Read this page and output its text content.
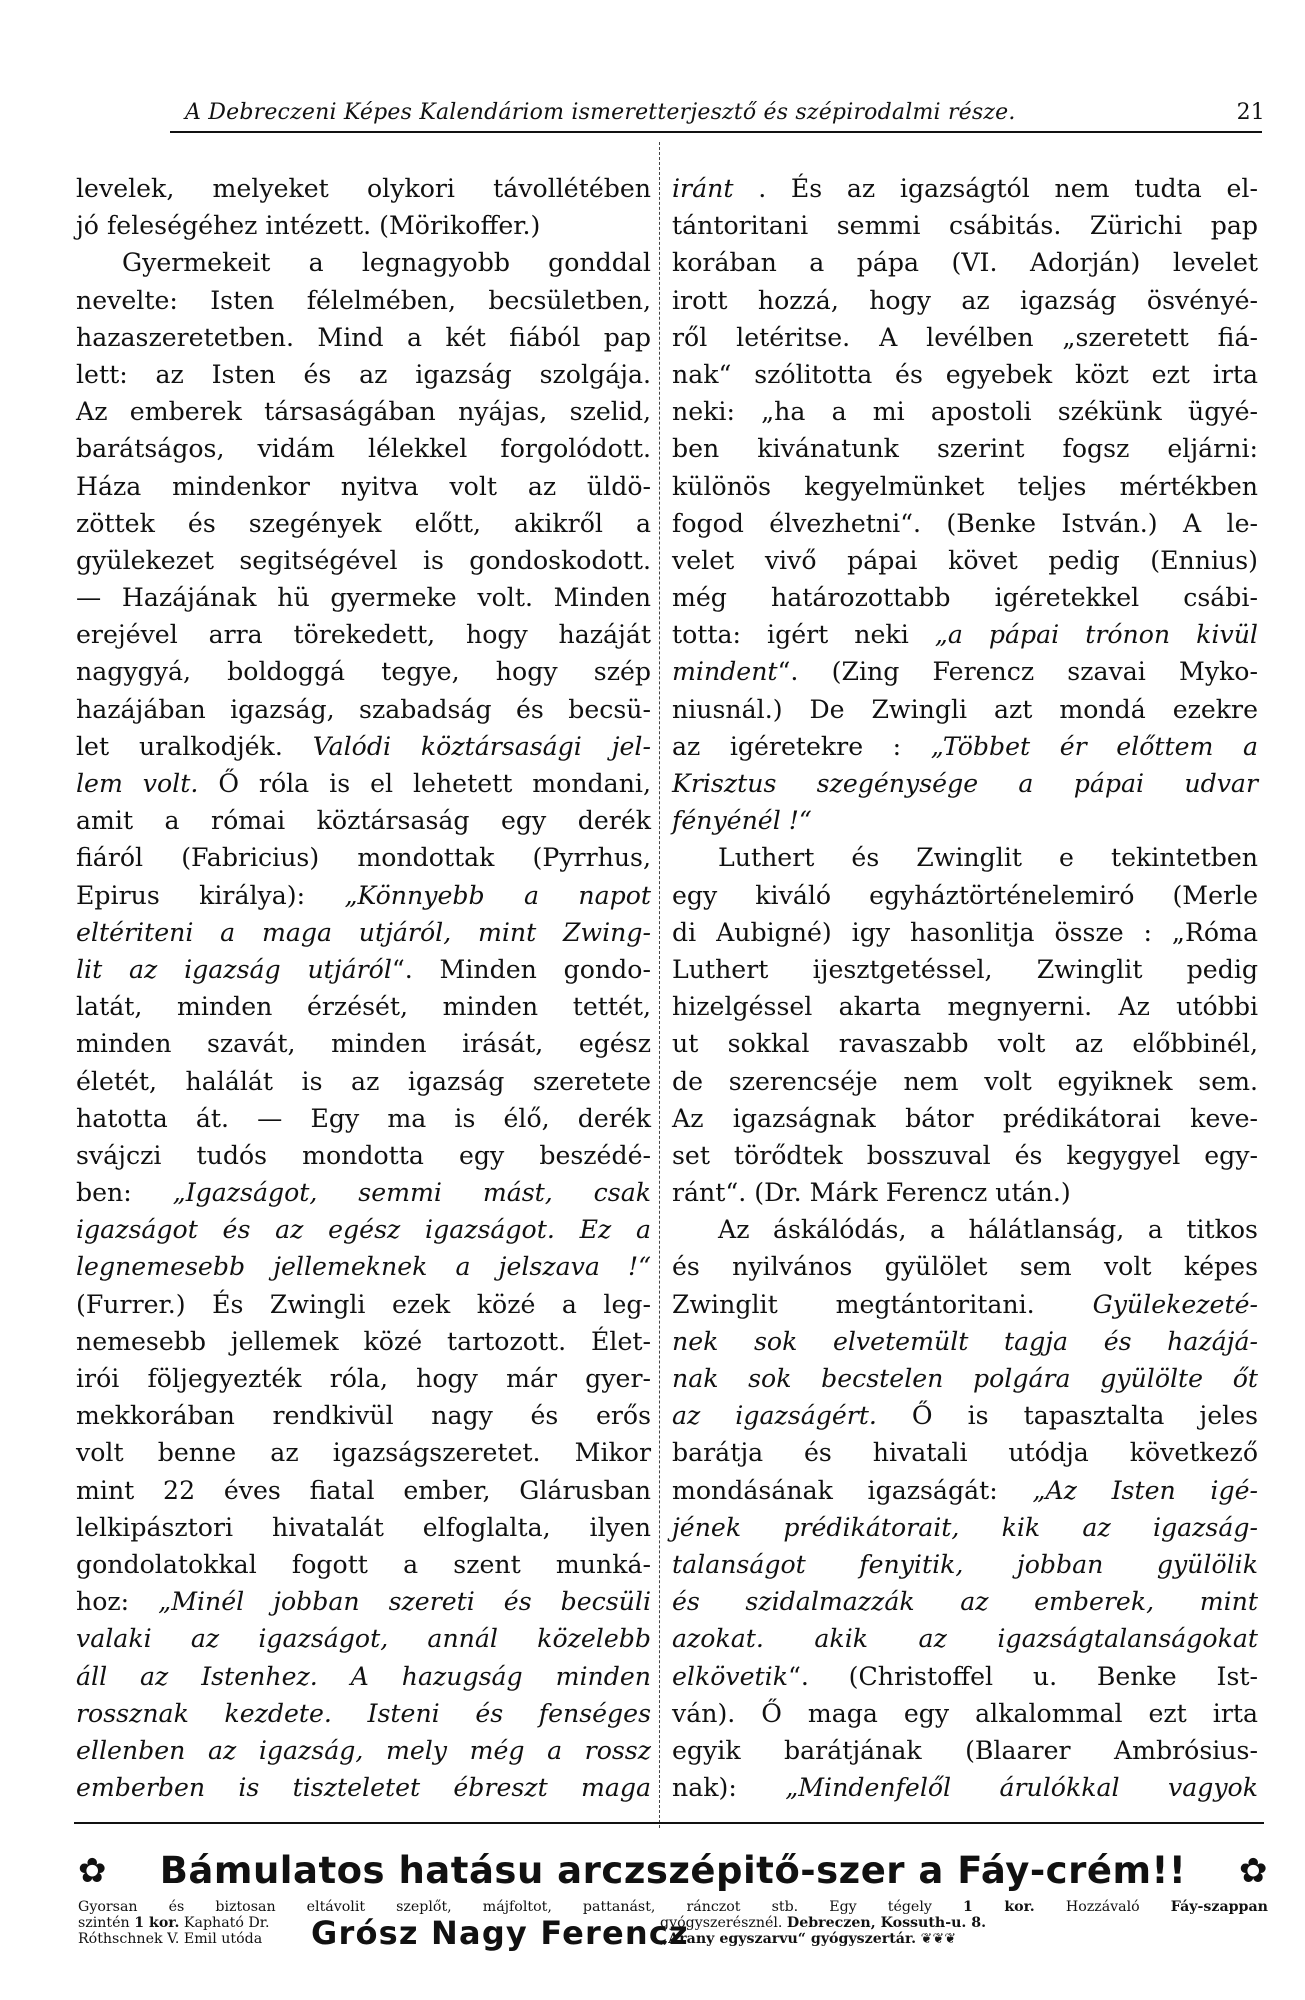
A Debreczeni Képes Kalendáriom ismeretterjesztő és szépirodalmi része.	21
levelek, melyeket olykori távollétében
jó feleségéhez intézett. (Mörikoffer.)
Gyermekeit a legnagyobb gonddal
nevelte: Isten félelmében, becsületben,
hazaszeretetben. Mind a két fiából pap
lett: az Isten és az igazság szolgája.
Az emberek társaságában nyájas, szelid,
barátságos, vidám lélekkel forgolódott.
Háza mindenkor nyitva volt az üldö-
zöttek és szegények előtt, akikről a
gyülekezet segitségével is gondoskodott.
— Hazájának hü gyermeke volt. Minden
erejével arra törekedett, hogy hazáját
nagygyá, boldoggá tegye, hogy szép
hazájában igazság, szabadság és becsü-
let uralkodjék. Valódi köztársasági jel-
lem volt. Ő róla is el lehetett mondani,
amit a római köztársaság egy derék
fiáról (Fabricius) mondottak (Pyrrhus,
Epirus királya): „Könnyebb a napot
eltériteni a maga utjáról, mint Zwing-
lit az igazság utjáról“. Minden gondo-
latát, minden érzését, minden tettét,
minden szavát, minden irását, egész
életét, halálát is az igazság szeretete
hatotta át. — Egy ma is élő, derék
svájczi tudós mondotta egy beszédé-
ben: „Igazságot, semmi mást, csak
igazságot és az egész igazságot. Ez a
legnemesebb jellemeknek a jelszava !“
(Furrer.) És Zwingli ezek közé a leg-
nemesebb jellemek közé tartozott. Élet-
irói följegyezték róla, hogy már gyer-
mekkorában rendkivül nagy és erős
volt benne az igazságszeretet. Mikor
mint 22 éves fiatal ember, Glárusban
lelkipásztori hivatalát elfoglalta, ilyen
gondolatokkal fogott a szent munká-
hoz: „Minél jobban szereti és becsüli
valaki az igazságot, annál közelebb
áll az Istenhez. A hazugság minden
rossznak kezdete. Isteni és fenséges
ellenben az igazság, mely még a rossz
emberben is tiszteletet ébreszt maga
iránt . És az igazságtól nem tudta el-
tántoritani semmi csábitás. Zürichi pap
korában a pápa (VI. Adorján) levelet
irott hozzá, hogy az igazság ösvényé-
ről letéritse. A levélben „szeretett fiá-
nak“ szólitotta és egyebek közt ezt irta
neki: „ha a mi apostoli székünk ügyé-
ben kivánatunk szerint fogsz eljárni:
különös kegyelmünket teljes mértékben
fogod élvezhetni“. (Benke István.) A le-
velet vivő pápai követ pedig (Ennius)
még határozottabb igéretekkel csábi-
totta: igért neki „a pápai trónon kivül
mindent“. (Zing Ferencz szavai Myko-
niusnál.) De Zwingli azt mondá ezekre
az igéretekre : „Többet ér előttem a
Krisztus szegénysége a pápai udvar
fényénél !“
Luthert és Zwinglit e tekintetben
egy kiváló egyháztörténelemiró (Merle
di Aubigné) igy hasonlitja össze : „Róma
Luthert ijesztgetéssel, Zwinglit pedig
hizelgéssel akarta megnyerni. Az utóbbi
ut sokkal ravaszabb volt az előbbinél,
de szerencséje nem volt egyiknek sem.
Az igazságnak bátor prédikátorai keve-
set törődtek bosszuval és kegygyel egy-
ránt“. (Dr. Márk Ferencz után.)
Az áskálódás, a hálátlanság, a titkos
és nyilvános gyülölet sem volt képes
Zwinglit megtántoritani. Gyülekezeté-
nek sok elvetemült tagja és hazájá-
nak sok becstelen polgára gyülölte őt
az igazságért. Ő is tapasztalta jeles
barátja és hivatali utódja következő
mondásának igazságát: „Az Isten igé-
jének prédikátorait, kik az igazság-
talanságot fenyitik, jobban gyülölik
és szidalmazzák az emberek, mint
azokat. akik az igazságtalanságokat
elkövetik“. (Christoffel u. Benke Ist-
ván). Ő maga egy alkalommal ezt irta
egyik barátjának (Blaarer Ambrósius-
nak): „Mindenfelől árulókkal vagyok
✿ Bámulatos hatásu arczszépitő-szer a Fáy-crém!! ✿
Gyorsan és biztosan eltávolit szeplőt, májfoltot, pattanást, ránczot stb. Egy tégely 1 kor. Hozzávaló Fáy-szappan
szintén 1 kor. Kapható Dr.
Róthschnek V. Emil utóda	Grósz Nagy Ferencz
gyógyszerésznél. Debreczen, Kossuth-u. 8.
„Arany egyszarvu“ gyógyszertár. ❦❦❦
